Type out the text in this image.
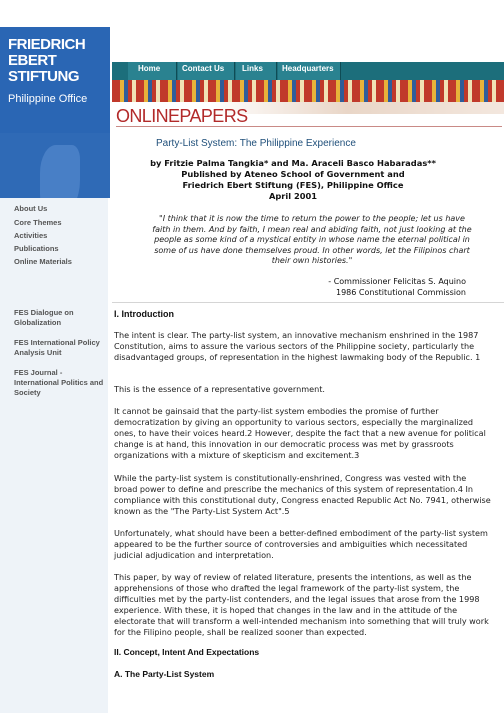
FRIEDRICH
EBERT
STIFTUNG
Philippine Office
Home	Contact Us Links Headquarters
ONLINEPAPERS
About Us
Core Themes
Activities
Publications
Online Materials
FES Dialogue on Globalization
FES International Policy Analysis Unit
FES Journal - International Politics and Society
Party-List System: The Philippine Experience
by Fritzie Palma Tangkia* and Ma. Araceli Basco Habaradas**
Published by Ateneo School of Government and
Friedrich Ebert Stiftung (FES), Philippine Office
April 2001
"I think that it is now the time to return the power to the people; let us have faith in them. And by faith, I mean real and abiding faith, not just looking at the people as some kind of a mystical entity in whose name the eternal political in some of us have done themselves proud. In other words, let the Filipinos chart their own histories."
- Commissioner Felicitas S. Aquino
1986 Constitutional Commission
I. Introduction
The intent is clear. The party-list system, an innovative mechanism enshrined in the 1987 Constitution, aims to assure the various sectors of the Philippine society, particularly the disadvantaged groups, of representation in the highest lawmaking body of the Republic. 1
This is the essence of a representative government.
It cannot be gainsaid that the party-list system embodies the promise of further democratization by giving an opportunity to various sectors, especially the marginalized ones, to have their voices heard.2 However, despite the fact that a new avenue for political change is at hand, this innovation in our democratic process was met by grassroots organizations with a mixture of skepticism and excitement.3
While the party-list system is constitutionally-enshrined, Congress was vested with the broad power to define and prescribe the mechanics of this system of representation.4 In compliance with this constitutional duty, Congress enacted Republic Act No. 7941, otherwise known as the "The Party-List System Act".5
Unfortunately, what should have been a better-defined embodiment of the party-list system appeared to be the further source of controversies and ambiguities which necessitated judicial adjudication and interpretation.
This paper, by way of review of related literature, presents the intentions, as well as the apprehensions of those who drafted the legal framework of the party-list system, the difficulties met by the party-list contenders, and the legal issues that arose from the 1998 experience. With these, it is hoped that changes in the law and in the attitude of the electorate that will transform a well-intended mechanism into something that will truly work for the Filipino people, shall be realized sooner than expected.
II. Concept, Intent And Expectations
A. The Party-List System
